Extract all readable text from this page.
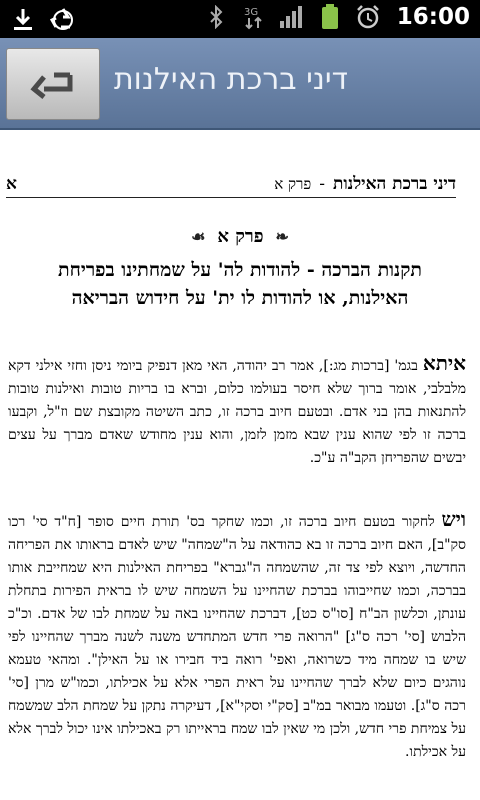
3G	16:00
דיני ברכת האילנות
דיני ברכת האילנות
-
פרק א
א
❧
פרק א
☙
תקנות הברכה - להודות לה' על שמחתינו בפריחת האילנות, או להודות לו ית' על חידוש הבריאה
איתא בגמ' [ברכות מג:], אמר רב יהודה, האי מאן דנפיק ביומי ניסן וחזי אילני דקא מלבלבי, אומר ברוך שלא חיסר בעולמו כלום, וברא בו בריות טובות ואילנות טובות להתנאות בהן בני אדם. ובטעם חיוב ברכה זו, כתב השיטה מקובצת שם וז"ל, וקבעו ברכה זו לפי שהוא ענין שבא מזמן לזמן, והוא ענין מחודש שאדם מברך על עצים יבשים שהפריחן הקב"ה ע"כ.
ויש לחקור בטעם חיוב ברכה זו, וכמו שחקר בס' תורת חיים סופר [ח"ד סי' רכו סק"ב], האם חיוב ברכה זו בא כהודאה על ה"שמחה" שיש לאדם בראותו את הפריחה החדשה, ויוצא לפי צד זה, שהשמחה ה"גברא" בפריחת האילנות היא שמחייבת אותו בברכה, וכמו שחייבוהו בברכת שהחיינו על השמחה שיש לו בראית הפירות בתחלת עונתן, וכלשון הב"ח [סו"ס כט], דברכת שהחיינו באה על שמחת לבו של אדם. וכ"כ הלבוש [סי' רכה ס"ג] "הרואה פרי חדש המתחדש משנה לשנה מברך שהחיינו לפי שיש בו שמחה מיד כשרואה, ואפי' רואה ביד חבירו או על האילן". ומהאי טעמא נוהגים כיום שלא לברך שהחיינו על ראית הפרי אלא על אכילתו, וכמו"ש מרן [סי' רכה ס"ג]. וטעמו מבואר במ"ב [סק"י וסקי"א], דעיקרה נתקן על שמחת הלב שמשמח על צמיחת פרי חדש, ולכן מי שאין לבו שמח בראייתו רק באכילתו אינו יכול לברך אלא על אכילתו.
